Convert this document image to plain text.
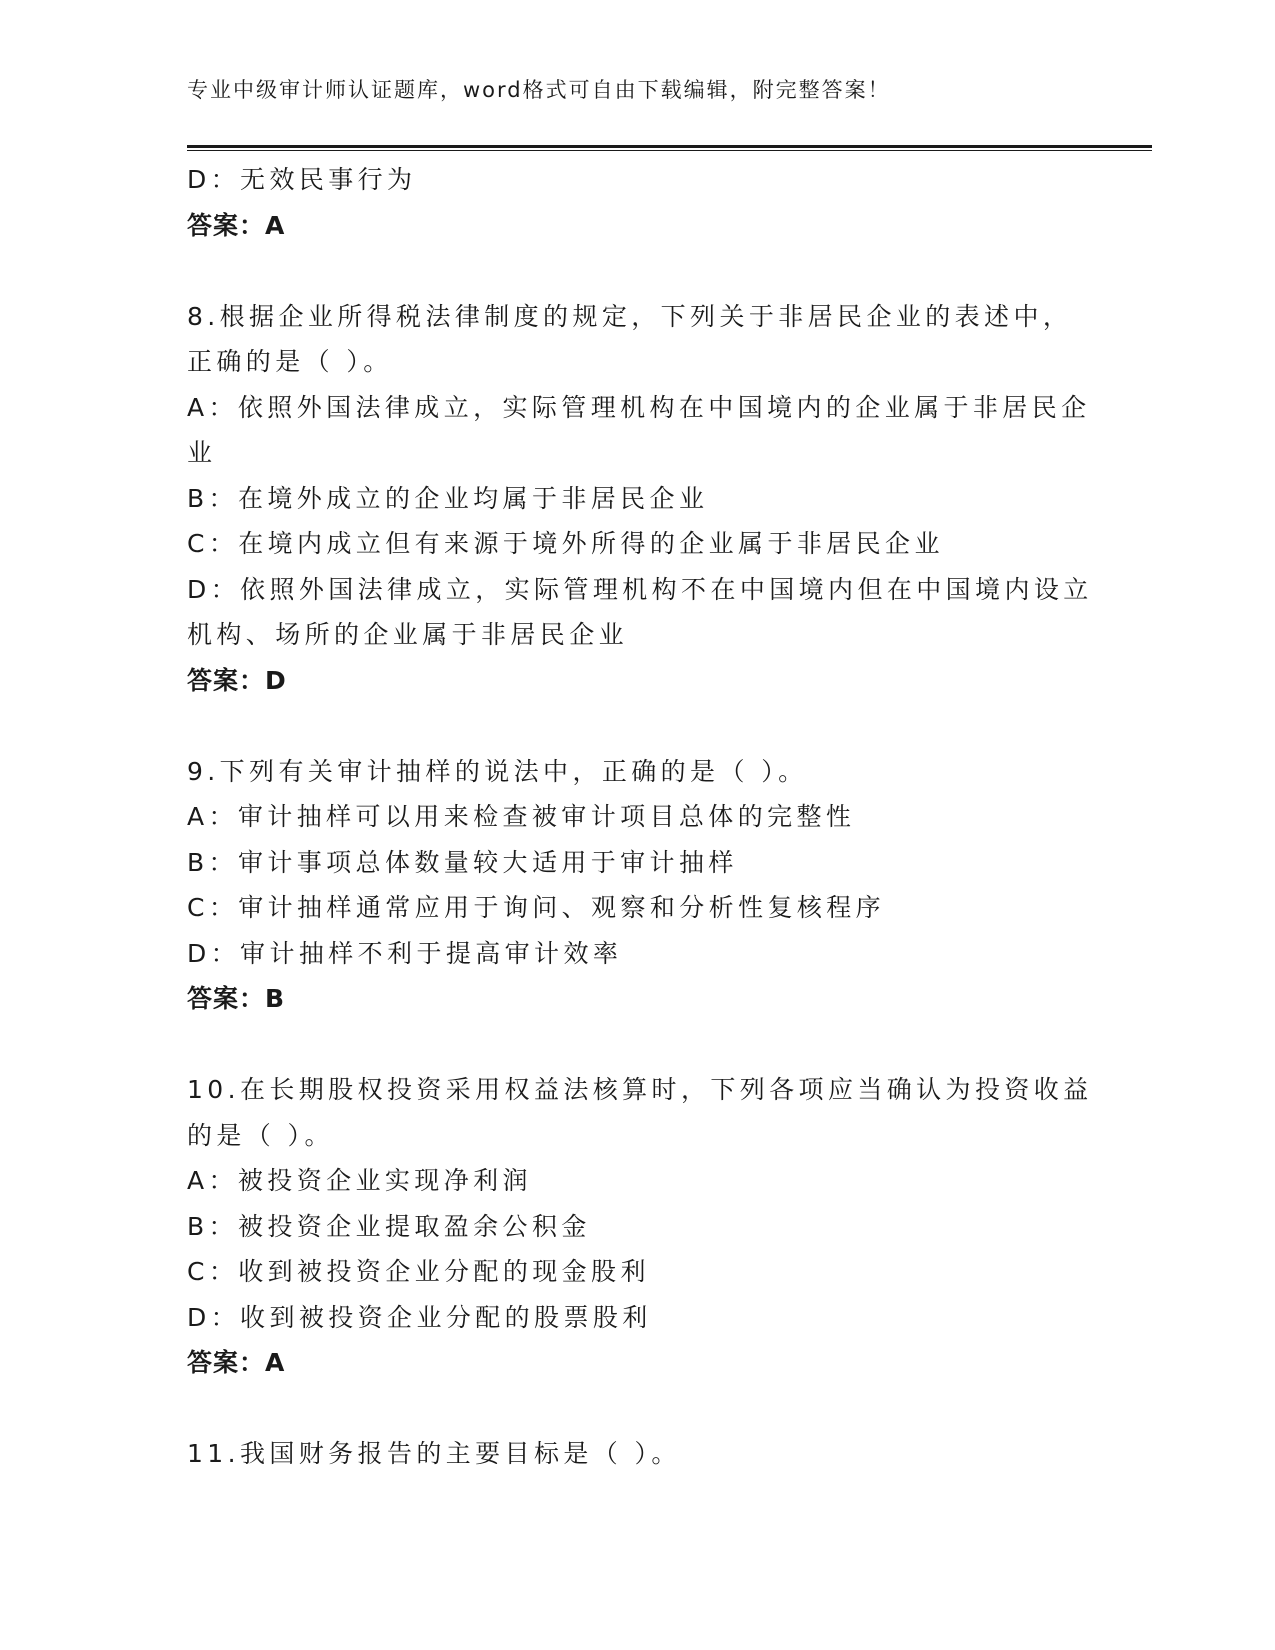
专业中级审计师认证题库，word格式可自由下载编辑，附完整答案！
D：无效民事行为
答案：A
8.根据企业所得税法律制度的规定，下列关于非居民企业的表述中，
正确的是（ ）。
A：依照外国法律成立，实际管理机构在中国境内的企业属于非居民企
业
B：在境外成立的企业均属于非居民企业
C：在境内成立但有来源于境外所得的企业属于非居民企业
D：依照外国法律成立，实际管理机构不在中国境内但在中国境内设立
机构、场所的企业属于非居民企业
答案：D
9.下列有关审计抽样的说法中，正确的是（ ）。
A：审计抽样可以用来检查被审计项目总体的完整性
B：审计事项总体数量较大适用于审计抽样
C：审计抽样通常应用于询问、观察和分析性复核程序
D：审计抽样不利于提高审计效率
答案：B
10.在长期股权投资采用权益法核算时，下列各项应当确认为投资收益
的是（ ）。
A：被投资企业实现净利润
B：被投资企业提取盈余公积金
C：收到被投资企业分配的现金股利
D：收到被投资企业分配的股票股利
答案：A
11.我国财务报告的主要目标是（ ）。
